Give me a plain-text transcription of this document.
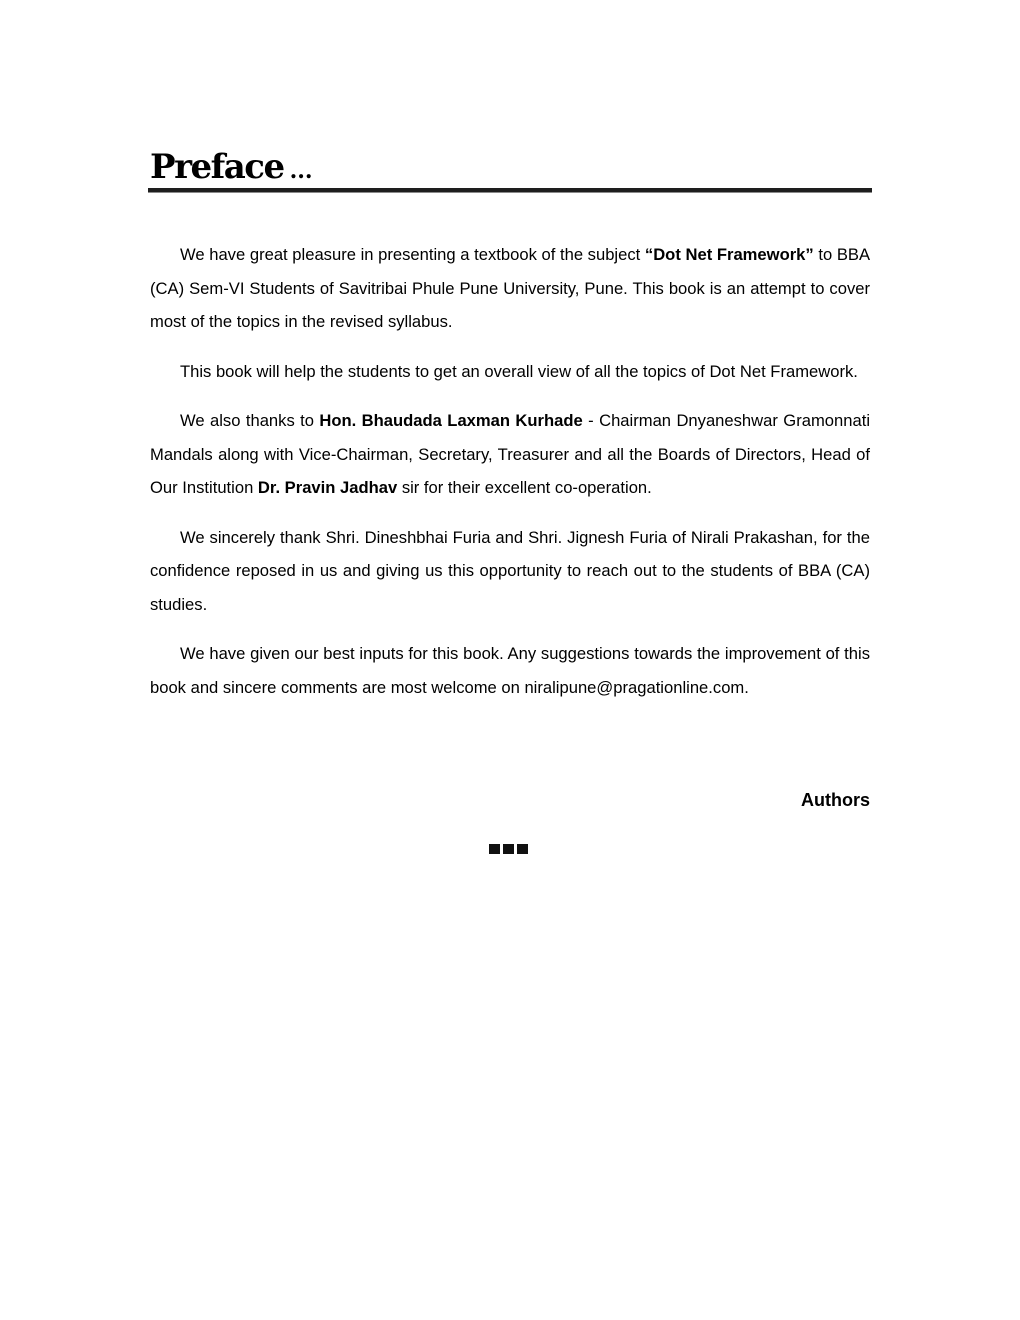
Preface ...

We have great pleasure in presenting a textbook of the subject “Dot Net Framework” to BBA (CA) Sem-VI Students of Savitribai Phule Pune University, Pune. This book is an attempt to cover most of the topics in the revised syllabus.

This book will help the students to get an overall view of all the topics of Dot Net Framework.

We also thanks to Hon. Bhaudada Laxman Kurhade - Chairman Dnyaneshwar Gramonnati Mandals along with Vice-Chairman, Secretary, Treasurer and all the Boards of Directors, Head of Our Institution Dr. Pravin Jadhav sir for their excellent co-operation.

We sincerely thank Shri. Dineshbhai Furia and Shri. Jignesh Furia of Nirali Prakashan, for the confidence reposed in us and giving us this opportunity to reach out to the students of BBA (CA) studies.

We have given our best inputs for this book. Any suggestions towards the improvement of this book and sincere comments are most welcome on niralipune@pragationline.com.

Authors
